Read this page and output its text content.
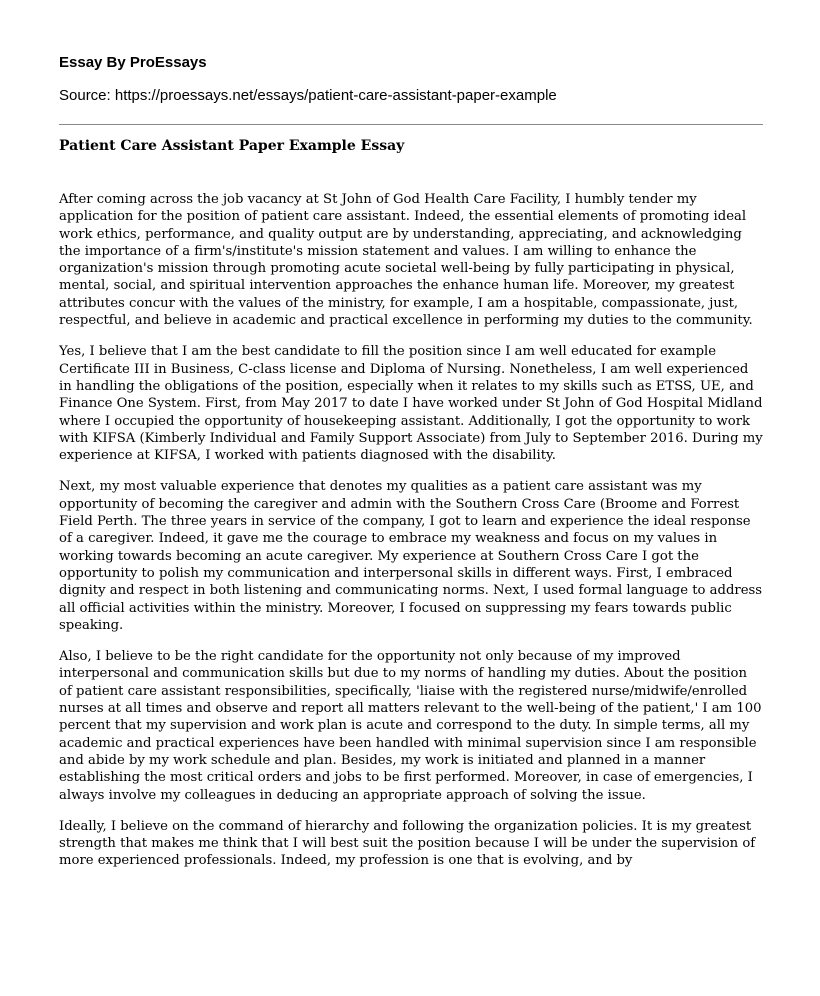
Essay By ProEssays

Source: https://proessays.net/essays/patient-care-assistant-paper-example

Patient Care Assistant Paper Example Essay

After coming across the job vacancy at St John of God Health Care Facility, I humbly tender my application for the position of patient care assistant. Indeed, the essential elements of promoting ideal work ethics, performance, and quality output are by understanding, appreciating, and acknowledging the importance of a firm's/institute's mission statement and values. I am willing to enhance the organization's mission through promoting acute societal well-being by fully participating in physical, mental, social, and spiritual intervention approaches the enhance human life. Moreover, my greatest attributes concur with the values of the ministry, for example, I am a hospitable, compassionate, just, respectful, and believe in academic and practical excellence in performing my duties to the community.

Yes, I believe that I am the best candidate to fill the position since I am well educated for example Certificate III in Business, C-class license and Diploma of Nursing. Nonetheless, I am well experienced in handling the obligations of the position, especially when it relates to my skills such as ETSS, UE, and Finance One System. First, from May 2017 to date I have worked under St John of God Hospital Midland where I occupied the opportunity of housekeeping assistant. Additionally, I got the opportunity to work with KIFSA (Kimberly Individual and Family Support Associate) from July to September 2016. During my experience at KIFSA, I worked with patients diagnosed with the disability.

Next, my most valuable experience that denotes my qualities as a patient care assistant was my opportunity of becoming the caregiver and admin with the Southern Cross Care (Broome and Forrest Field Perth. The three years in service of the company, I got to learn and experience the ideal response of a caregiver. Indeed, it gave me the courage to embrace my weakness and focus on my values in working towards becoming an acute caregiver. My experience at Southern Cross Care I got the opportunity to polish my communication and interpersonal skills in different ways. First, I embraced dignity and respect in both listening and communicating norms. Next, I used formal language to address all official activities within the ministry. Moreover, I focused on suppressing my fears towards public speaking.

Also, I believe to be the right candidate for the opportunity not only because of my improved interpersonal and communication skills but due to my norms of handling my duties. About the position of patient care assistant responsibilities, specifically, 'liaise with the registered nurse/midwife/enrolled nurses at all times and observe and report all matters relevant to the well-being of the patient,' I am 100 percent that my supervision and work plan is acute and correspond to the duty. In simple terms, all my academic and practical experiences have been handled with minimal supervision since I am responsible and abide by my work schedule and plan. Besides, my work is initiated and planned in a manner establishing the most critical orders and jobs to be first performed. Moreover, in case of emergencies, I always involve my colleagues in deducing an appropriate approach of solving the issue.

Ideally, I believe on the command of hierarchy and following the organization policies. It is my greatest strength that makes me think that I will best suit the position because I will be under the supervision of more experienced professionals. Indeed, my profession is one that is evolving, and by
